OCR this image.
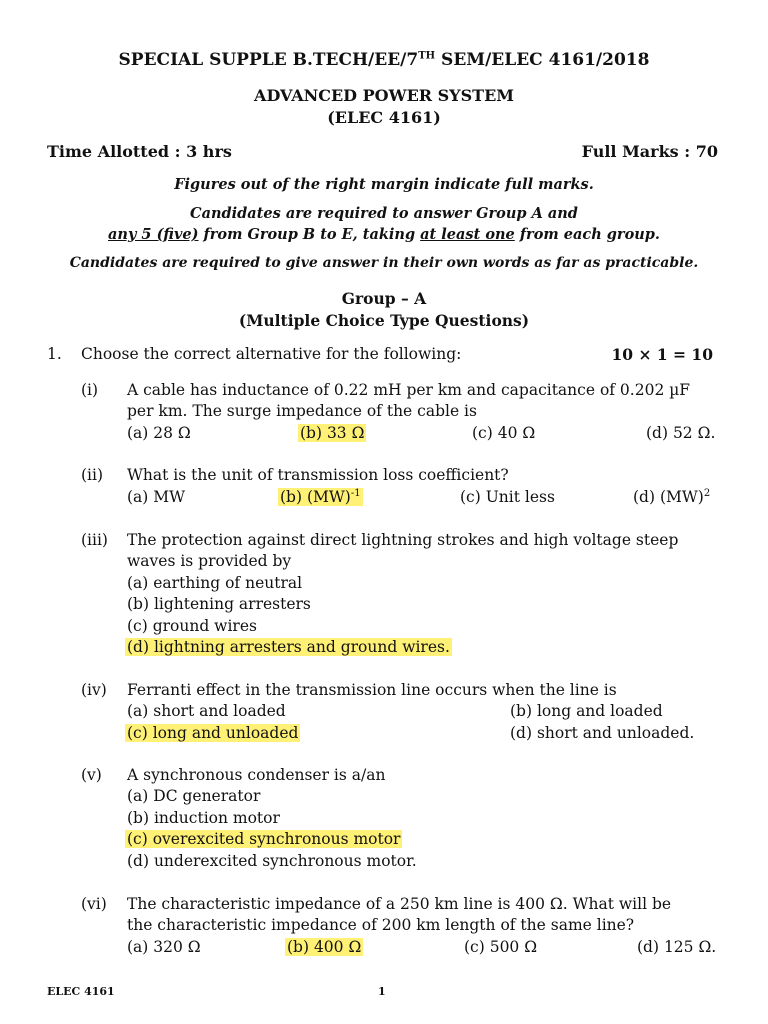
SPECIAL SUPPLE B.TECH/EE/7TH SEM/ELEC 4161/2018
ADVANCED POWER SYSTEM
(ELEC 4161)
Time Allotted : 3 hrs	Full Marks : 70
Figures out of the right margin indicate full marks.
Candidates are required to answer Group A and
any 5 (five) from Group B to E, taking at least one from each group.
Candidates are required to give answer in their own words as far as practicable.
Group – A
(Multiple Choice Type Questions)
1. Choose the correct alternative for the following:	10 × 1 = 10
(i) A cable has inductance of 0.22 mH per km and capacitance of 0.202 µF
per km. The surge impedance of the cable is
(a) 28 Ω	(b) 33 Ω	(c) 40 Ω	(d) 52 Ω.
(ii) What is the unit of transmission loss coefficient?
(a) MW	(b) (MW)$^{-1}$	(c) Unit less	(d) (MW)$^2$
(iii) The protection against direct lightning strokes and high voltage steep
waves is provided by
(a) earthing of neutral
(b) lightening arresters
(c) ground wires
(d) lightning arresters and ground wires.
(iv) Ferranti effect in the transmission line occurs when the line is
(a) short and loaded	(b) long and loaded
(c) long and unloaded	(d) short and unloaded.
(v) A synchronous condenser is a/an
(a) DC generator
(b) induction motor
(c) overexcited synchronous motor
(d) underexcited synchronous motor.
(vi) The characteristic impedance of a 250 km line is 400 Ω. What will be
the characteristic impedance of 200 km length of the same line?
(a) 320 Ω	(b) 400 Ω	(c) 500 Ω	(d) 125 Ω.
ELEC 4161	1
